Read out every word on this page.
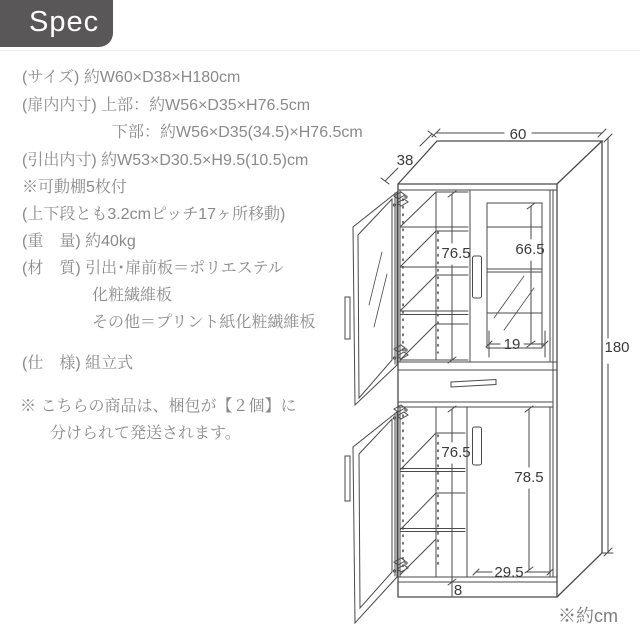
Spec
(サイズ) 約W60×D38×H180cm
(扉内内寸) 上部：約W56×D35×H76.5cm
下部：約W56×D35(34.5)×H76.5cm
(引出内寸) 約W53×D30.5×H9.5(10.5)cm
※可動棚5枚付
(上下段とも3.2cmピッチ17ヶ所移動)
(重　量) 約40kg
(材　質) 引出･扉前板＝ポリエステル
化粧繊維板
その他＝プリント紙化粧繊維板
(仕　様) 組立式
※ こちらの商品は、梱包が【２個】に
分けられて発送されます。
60
38
180
76.5	66.5
19
76.5
78.5
29.5
8
※約cm
